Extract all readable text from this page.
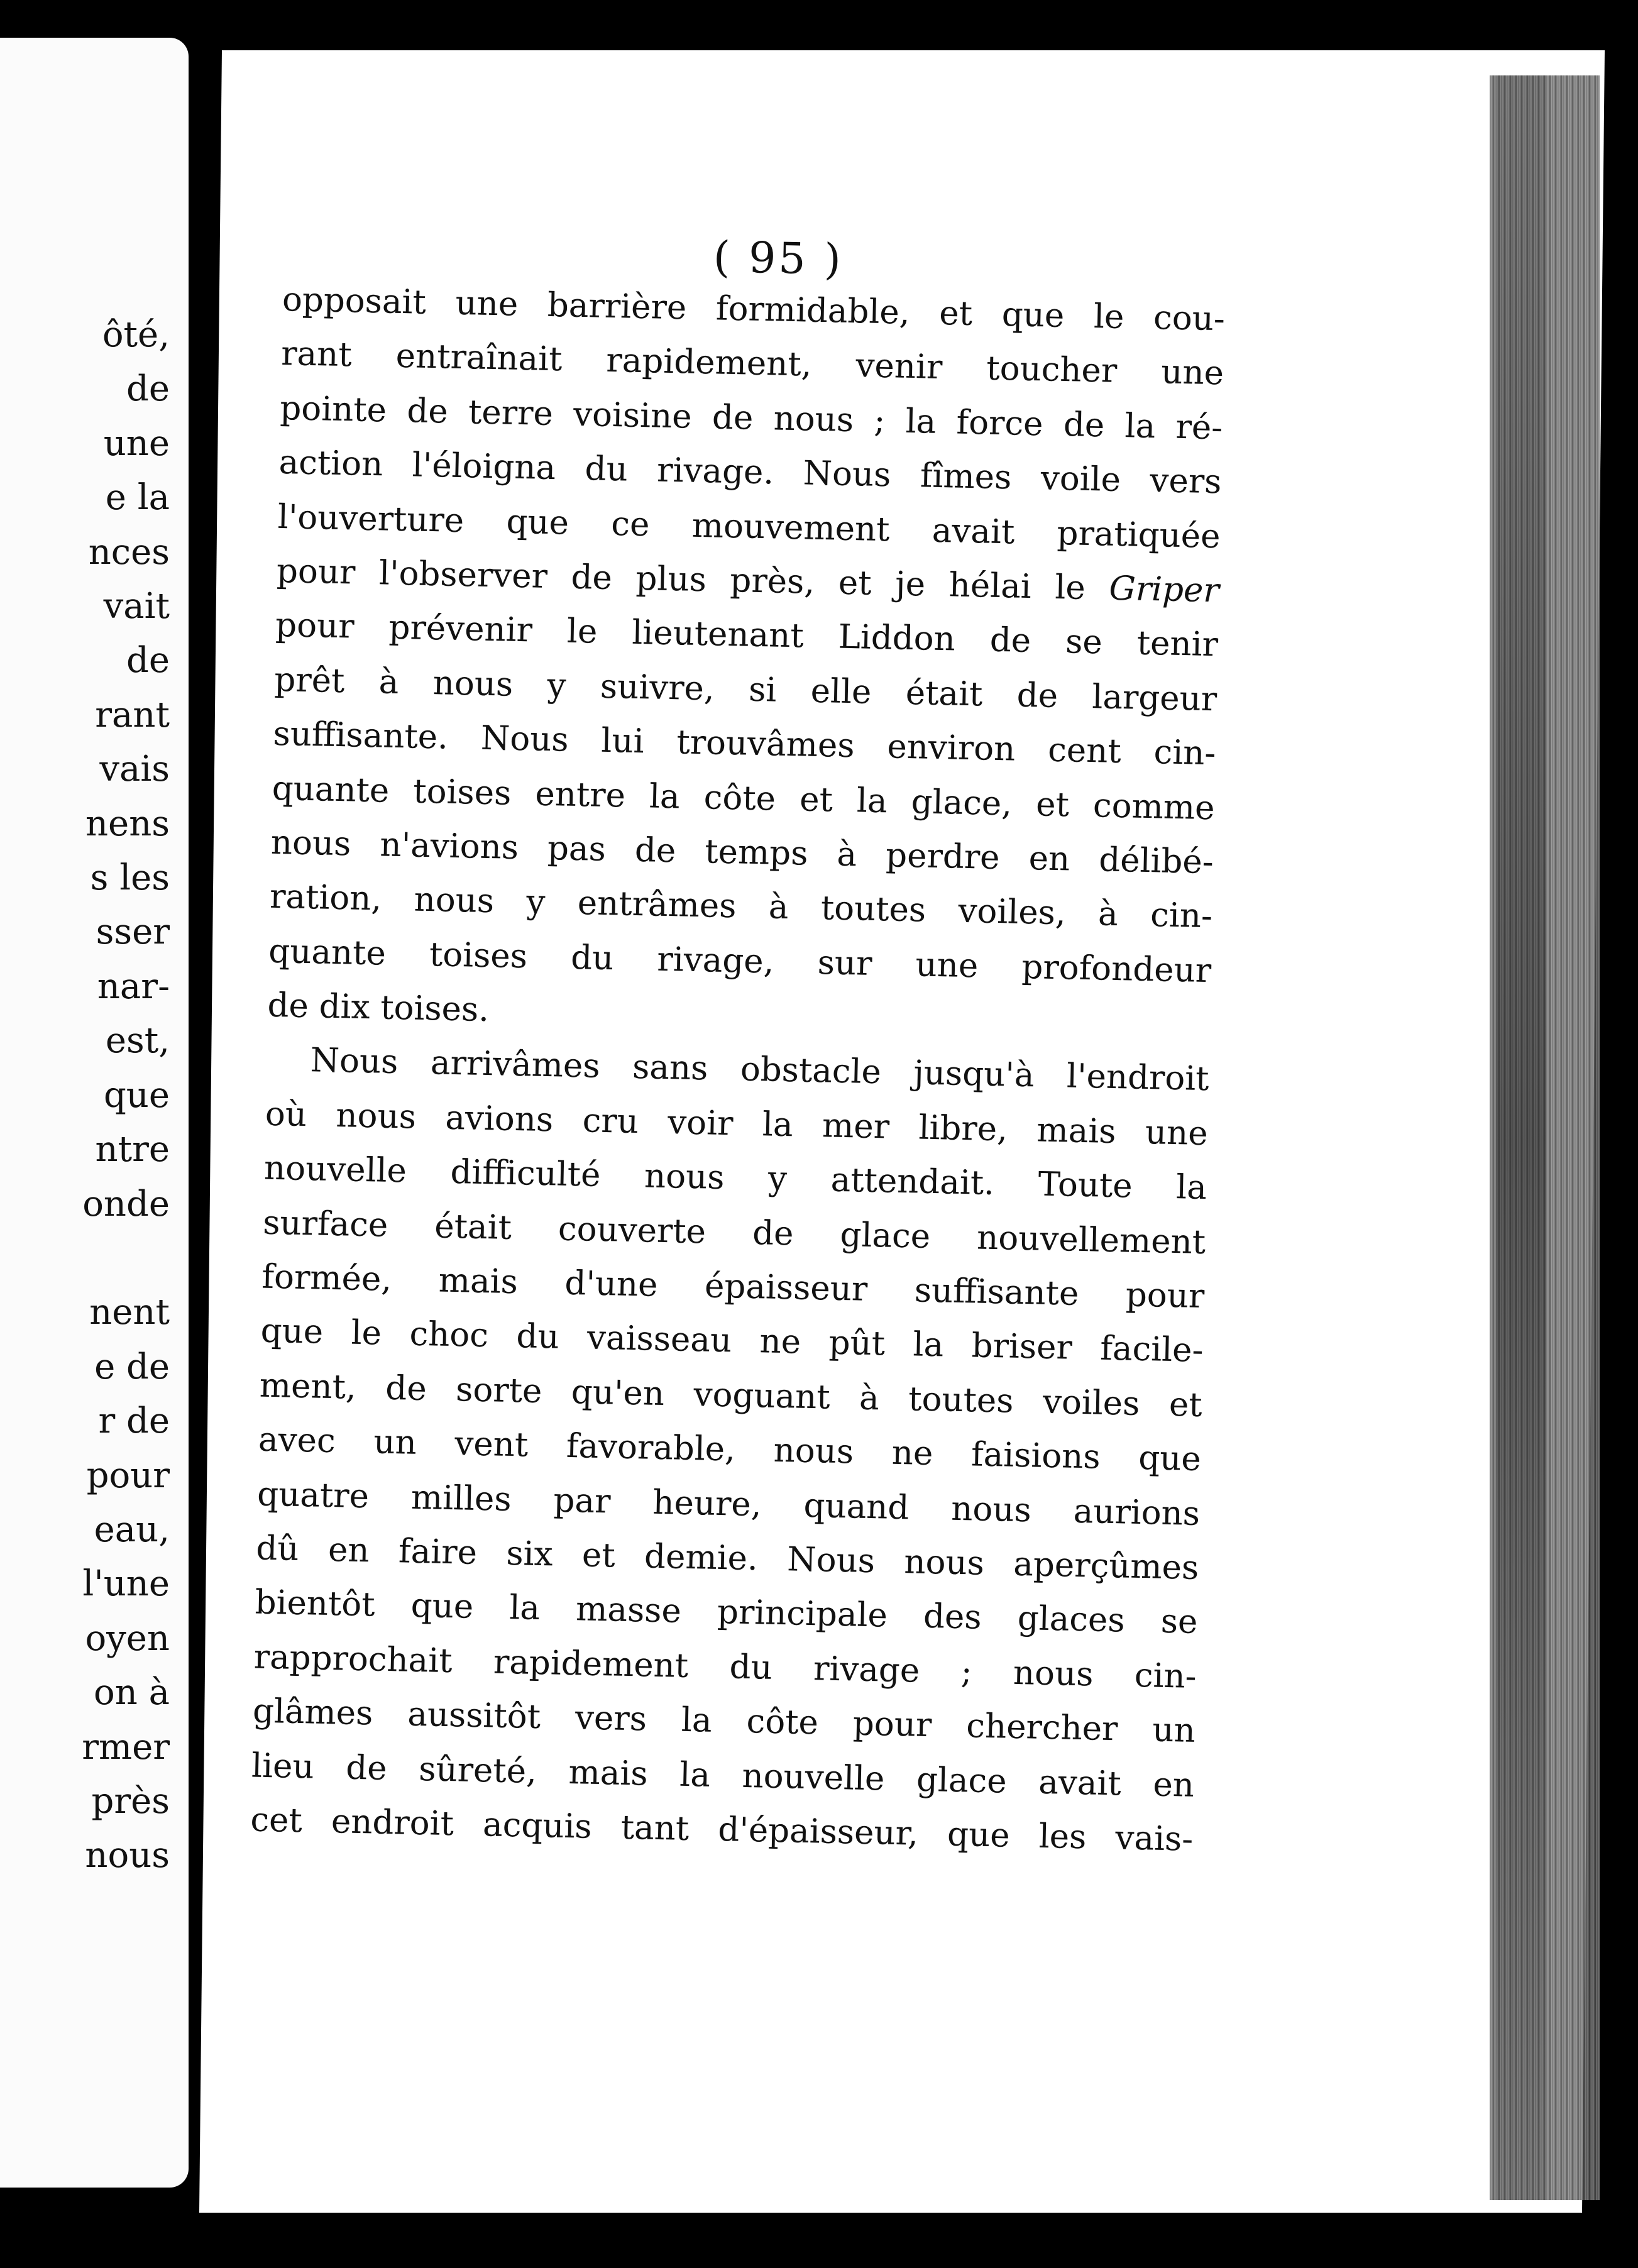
ôté,
de
une
e la
nces
vait
de
rant
vais
nens
s les
sser
nar-
est,
que
ntre
onde

nent
e de
r de
pour
eau,
l'une
oyen
on à
rmer
près
nous
( 95 )
opposait une barrière formidable, et que le cou-
rant entraînait rapidement, venir toucher une
pointe de terre voisine de nous ; la force de la ré-
action l'éloigna du rivage. Nous fîmes voile vers
l'ouverture que ce mouvement avait pratiquée
pour l'observer de plus près, et je hélai le Griper
pour prévenir le lieutenant Liddon de se tenir
prêt à nous y suivre, si elle était de largeur
suffisante. Nous lui trouvâmes environ cent cin-
quante toises entre la côte et la glace, et comme
nous n'avions pas de temps à perdre en délibé-
ration, nous y entrâmes à toutes voiles, à cin-
quante toises du rivage, sur une profondeur
de dix toises.
Nous arrivâmes sans obstacle jusqu'à l'endroit
où nous avions cru voir la mer libre, mais une
nouvelle difficulté nous y attendait. Toute la
surface était couverte de glace nouvellement
formée, mais d'une épaisseur suffisante pour
que le choc du vaisseau ne pût la briser facile-
ment, de sorte qu'en voguant à toutes voiles et
avec un vent favorable, nous ne faisions que
quatre milles par heure, quand nous aurions
dû en faire six et demie. Nous nous aperçûmes
bientôt que la masse principale des glaces se
rapprochait rapidement du rivage ; nous cin-
glâmes aussitôt vers la côte pour chercher un
lieu de sûreté, mais la nouvelle glace avait en
cet endroit acquis tant d'épaisseur, que les vais-
